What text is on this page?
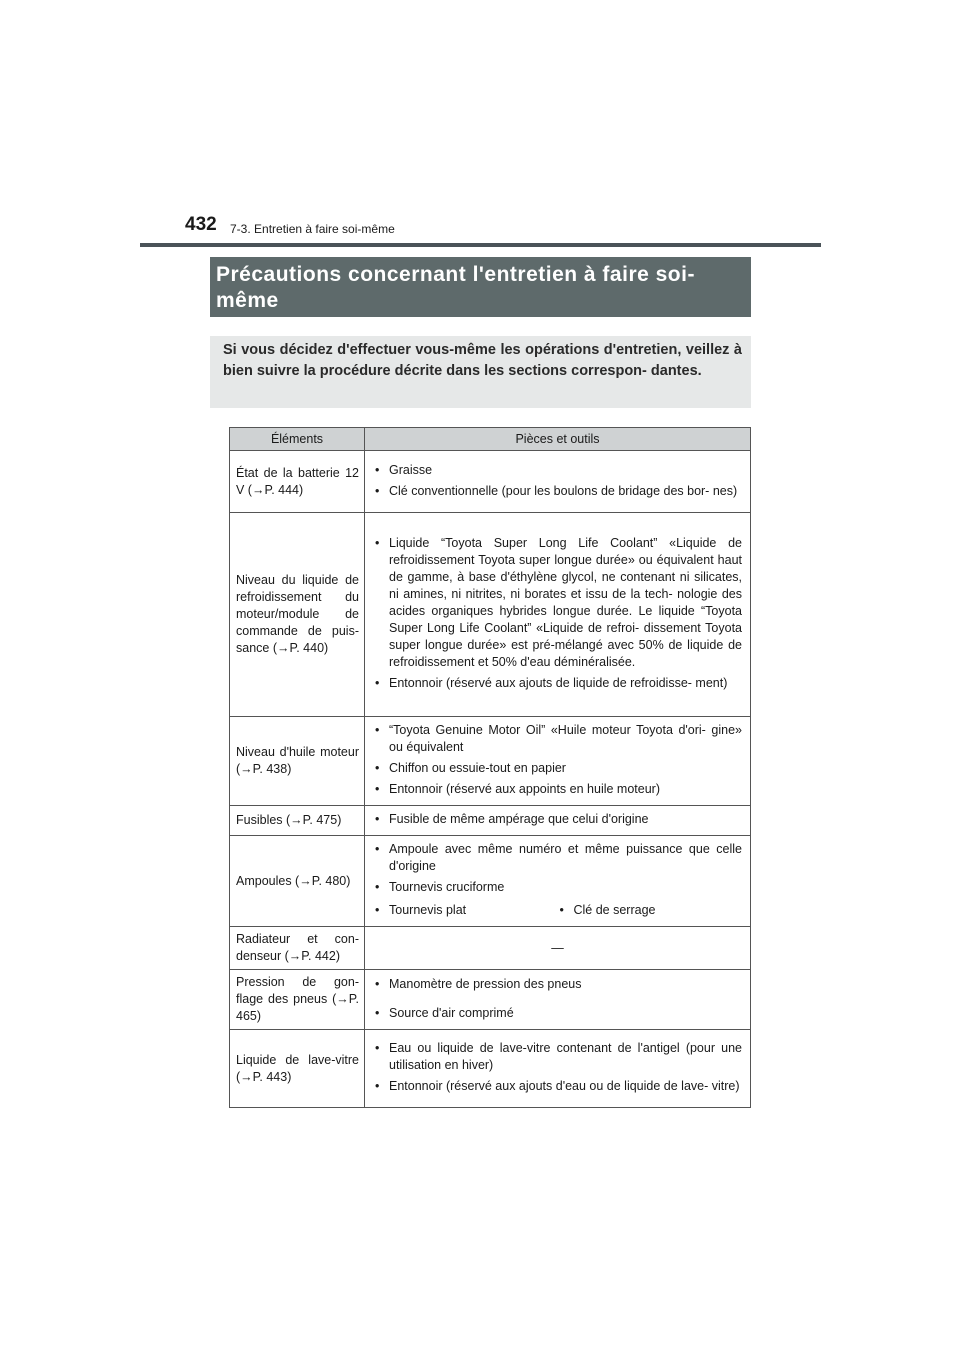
432 7-3. Entretien à faire soi-même
Précautions concernant l'entretien à faire soi-même
Si vous décidez d'effectuer vous-même les opérations d'entretien, veillez à bien suivre la procédure décrite dans les sections correspon- dantes.
Éléments	Pièces et outils
État de la batterie 12 V (→P. 444)	• Graisse
• Clé conventionnelle (pour les boulons de bridage des bor- nes)

Niveau du liquide de refroidissement du moteur/module de commande de puis- sance (→P. 440)	• Liquide “Toyota Super Long Life Coolant” «Liquide de refroidissement Toyota super longue durée» ou équivalent haut de gamme, à base d'éthylène glycol, ne contenant ni silicates, ni amines, ni nitrites, ni borates et issu de la tech- nologie des acides organiques hybrides longue durée. Le liquide “Toyota Super Long Life Coolant” «Liquide de refroi- dissement Toyota super longue durée» est pré-mélangé avec 50% de liquide de refroidissement et 50% d'eau déminéralisée.
• Entonnoir (réservé aux ajouts de liquide de refroidisse- ment)

Niveau d'huile moteur (→P. 438)	• “Toyota Genuine Motor Oil” «Huile moteur Toyota d'ori- gine» ou équivalent
• Chiffon ou essuie-tout en papier
• Entonnoir (réservé aux appoints en huile moteur)

Fusibles (→P. 475)	• Fusible de même ampérage que celui d'origine

Ampoules (→P. 480)	• Ampoule avec même numéro et même puissance que celle d'origine
• Tournevis cruciforme
• Tournevis plat • Clé de serrage

Radiateur et con- denseur (→P. 442)	—
Pression de gon- flage des pneus (→P. 465)	• Manomètre de pression des pneus
• Source d'air comprimé

Liquide de lave-vitre (→P. 443)	• Eau ou liquide de lave-vitre contenant de l'antigel (pour une utilisation en hiver)
• Entonnoir (réservé aux ajouts d'eau ou de liquide de lave- vitre)
